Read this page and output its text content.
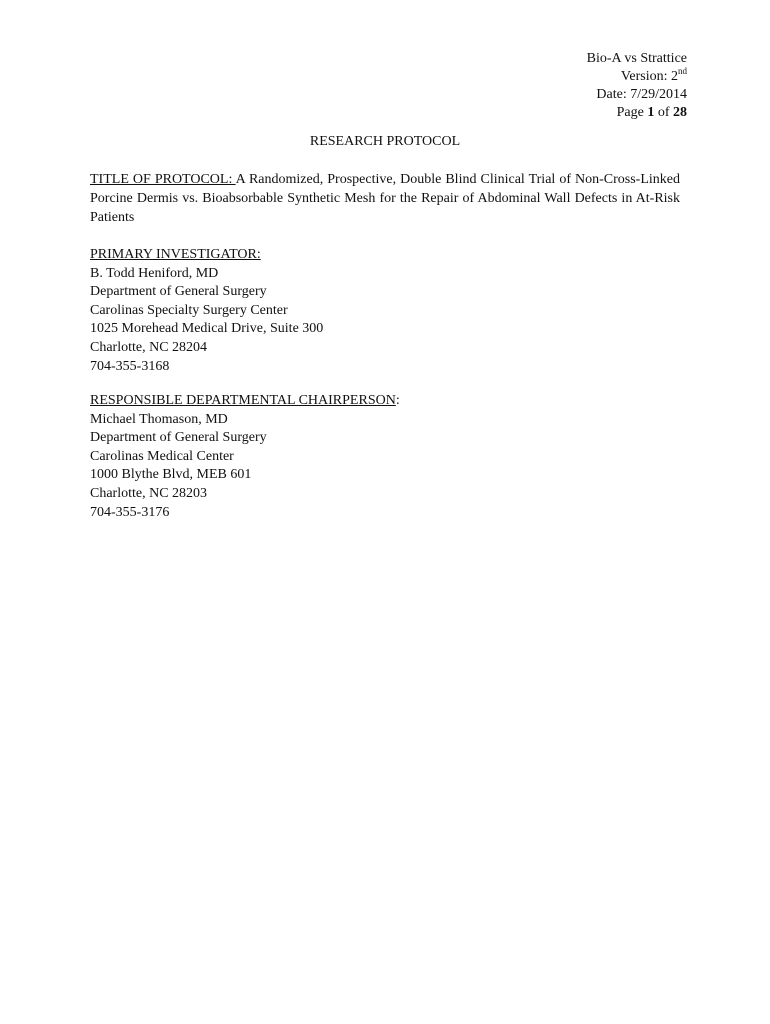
Bio-A vs Strattice
Version: 2nd
Date: 7/29/2014
Page 1 of 28
RESEARCH PROTOCOL
TITLE OF PROTOCOL: A Randomized, Prospective, Double Blind Clinical Trial of Non-Cross-Linked Porcine Dermis vs. Bioabsorbable Synthetic Mesh for the Repair of Abdominal Wall Defects in At-Risk Patients
PRIMARY INVESTIGATOR:
B. Todd Heniford, MD
Department of General Surgery
Carolinas Specialty Surgery Center
1025 Morehead Medical Drive, Suite 300
Charlotte, NC 28204
704-355-3168
RESPONSIBLE DEPARTMENTAL CHAIRPERSON:
Michael Thomason, MD
Department of General Surgery
Carolinas Medical Center
1000 Blythe Blvd, MEB 601
Charlotte, NC 28203
704-355-3176
